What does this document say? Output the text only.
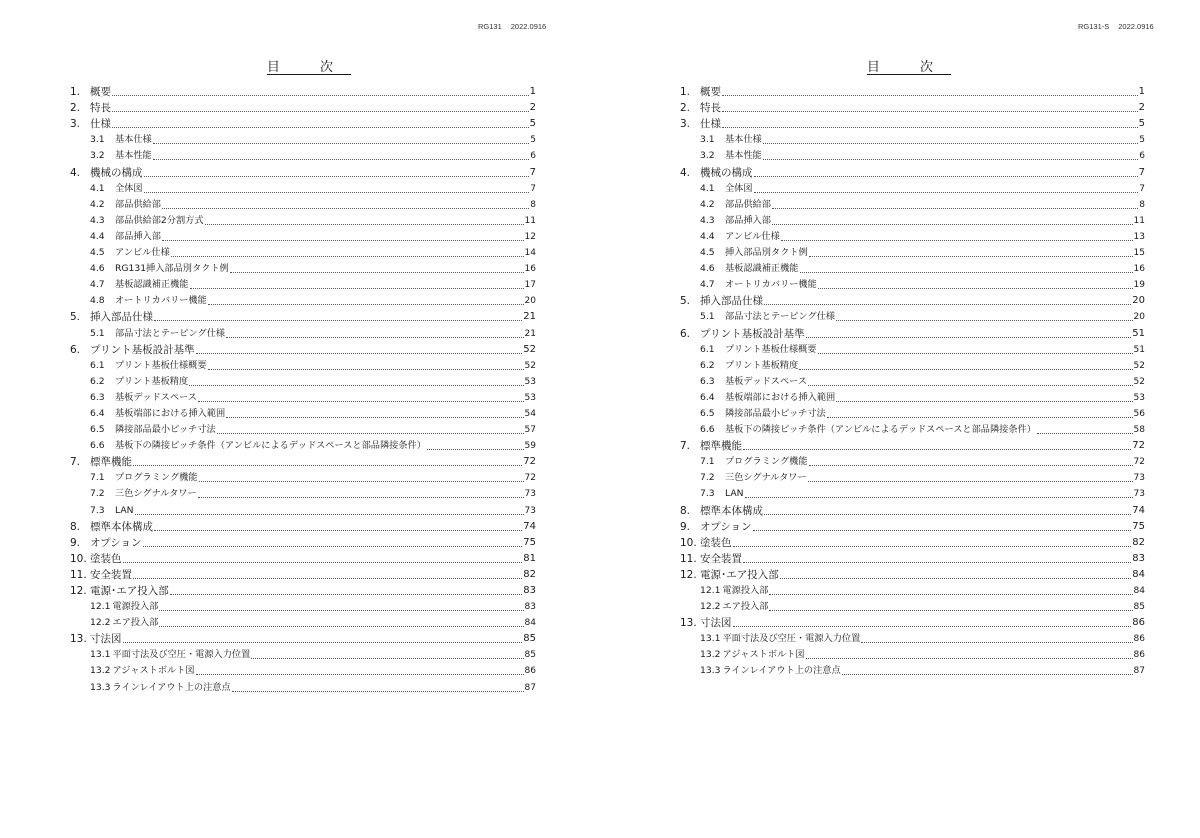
RG131 2022.0916
目 次
1. 概要	1
2. 特長	2
3. 仕様	5
3.1	基本仕様	5
3.2	基本性能	6
4. 機械の構成	7
4.1	全体図	7
4.2	部品供給部	8
4.3	部品供給部2分割方式	11
4.4	部品挿入部	12
4.5	アンビル仕様	14
4.6	RG131挿入部品別タクト例	16
4.7	基板認識補正機能	17
4.8	オートリカバリー機能	20
5. 挿入部品仕様	21
5.1	部品寸法とテーピング仕様	21
6. プリント基板設計基準	52
6.1	プリント基板仕様概要	52
6.2	プリント基板精度	53
6.3	基板デッドスペース	53
6.4	基板端部における挿入範囲	54
6.5	隣接部品最小ピッチ寸法	57
6.6	基板下の隣接ピッチ条件（アンビルによるデッドスペースと部品隣接条件）	59
7. 標準機能	72
7.1	プログラミング機能	72
7.2	三色シグナルタワー	73
7.3	LAN	73
8. 標準本体構成	74
9. オプション	75
10. 塗装色	81
11. 安全装置	82
12. 電源･エア投入部	83
12.1 電源投入部	83
12.2 エア投入部	84
13. 寸法図	85
13.1 平面寸法及び空圧・電源入力位置	85
13.2 アジャストボルト図	86
13.3 ラインレイアウト上の注意点	87
RG131-S 2022.0916
目 次
1. 概要	1
2. 特長	2
3. 仕様	5
3.1	基本仕様	5
3.2	基本性能	6
4. 機械の構成	7
4.1	全体図	7
4.2	部品供給部	8
4.3	部品挿入部	11
4.4	アンビル仕様	13
4.5	挿入部品別タクト例	15
4.6	基板認識補正機能	16
4.7	オートリカバリー機能	19
5. 挿入部品仕様	20
5.1	部品寸法とテーピング仕様	20
6. プリント基板設計基準	51
6.1	プリント基板仕様概要	51
6.2	プリント基板精度	52
6.3	基板デッドスペース	52
6.4	基板端部における挿入範囲	53
6.5	隣接部品最小ピッチ寸法	56
6.6	基板下の隣接ピッチ条件（アンビルによるデッドスペースと部品隣接条件）	58
7. 標準機能	72
7.1	プログラミング機能	72
7.2	三色シグナルタワー	73
7.3	LAN	73
8. 標準本体構成	74
9. オプション	75
10. 塗装色	82
11. 安全装置	83
12. 電源･エア投入部	84
12.1 電源投入部	84
12.2 エア投入部	85
13. 寸法図	86
13.1 平面寸法及び空圧・電源入力位置	86
13.2 アジャストボルト図	86
13.3 ラインレイアウト上の注意点	87
